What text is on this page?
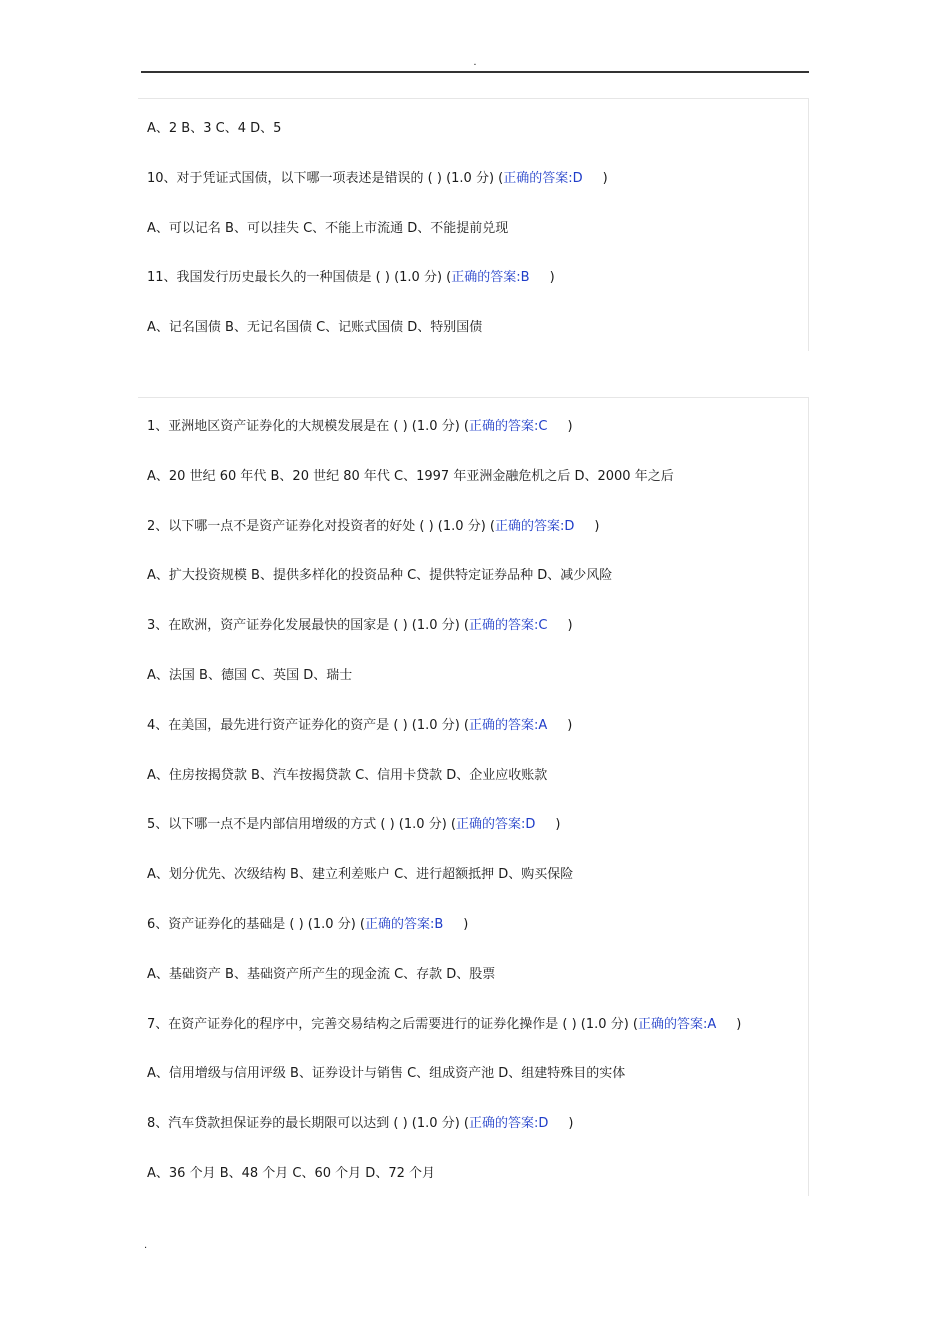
.
A、2 B、3 C、4 D、5
10、对于凭证式国债，以下哪一项表述是错误的 ( ) (1.0 分) (正确的答案:D )
A、可以记名 B、可以挂失 C、不能上市流通 D、不能提前兑现
11、我国发行历史最长久的一种国债是 ( ) (1.0 分) (正确的答案:B )
A、记名国债 B、无记名国债 C、记账式国债 D、特别国债
1、亚洲地区资产证券化的大规模发展是在 ( ) (1.0 分) (正确的答案:C )
A、20 世纪 60 年代 B、20 世纪 80 年代 C、1997 年亚洲金融危机之后 D、2000 年之后
2、以下哪一点不是资产证券化对投资者的好处 ( ) (1.0 分) (正确的答案:D )
A、扩大投资规模 B、提供多样化的投资品种 C、提供特定证券品种 D、减少风险
3、在欧洲，资产证券化发展最快的国家是 ( ) (1.0 分) (正确的答案:C )
A、法国 B、德国 C、英国 D、瑞士
4、在美国，最先进行资产证券化的资产是 ( ) (1.0 分) (正确的答案:A )
A、住房按揭贷款 B、汽车按揭贷款 C、信用卡贷款 D、企业应收账款
5、以下哪一点不是内部信用增级的方式 ( ) (1.0 分) (正确的答案:D )
A、划分优先、次级结构 B、建立利差账户 C、进行超额抵押 D、购买保险
6、资产证券化的基础是 ( ) (1.0 分) (正确的答案:B )
A、基础资产 B、基础资产所产生的现金流 C、存款 D、股票
7、在资产证券化的程序中，完善交易结构之后需要进行的证券化操作是 ( ) (1.0 分) (正确的答案:A )
A、信用增级与信用评级 B、证券设计与销售 C、组成资产池 D、组建特殊目的实体
8、汽车贷款担保证券的最长期限可以达到 ( ) (1.0 分) (正确的答案:D )
A、36 个月 B、48 个月 C、60 个月 D、72 个月
.
